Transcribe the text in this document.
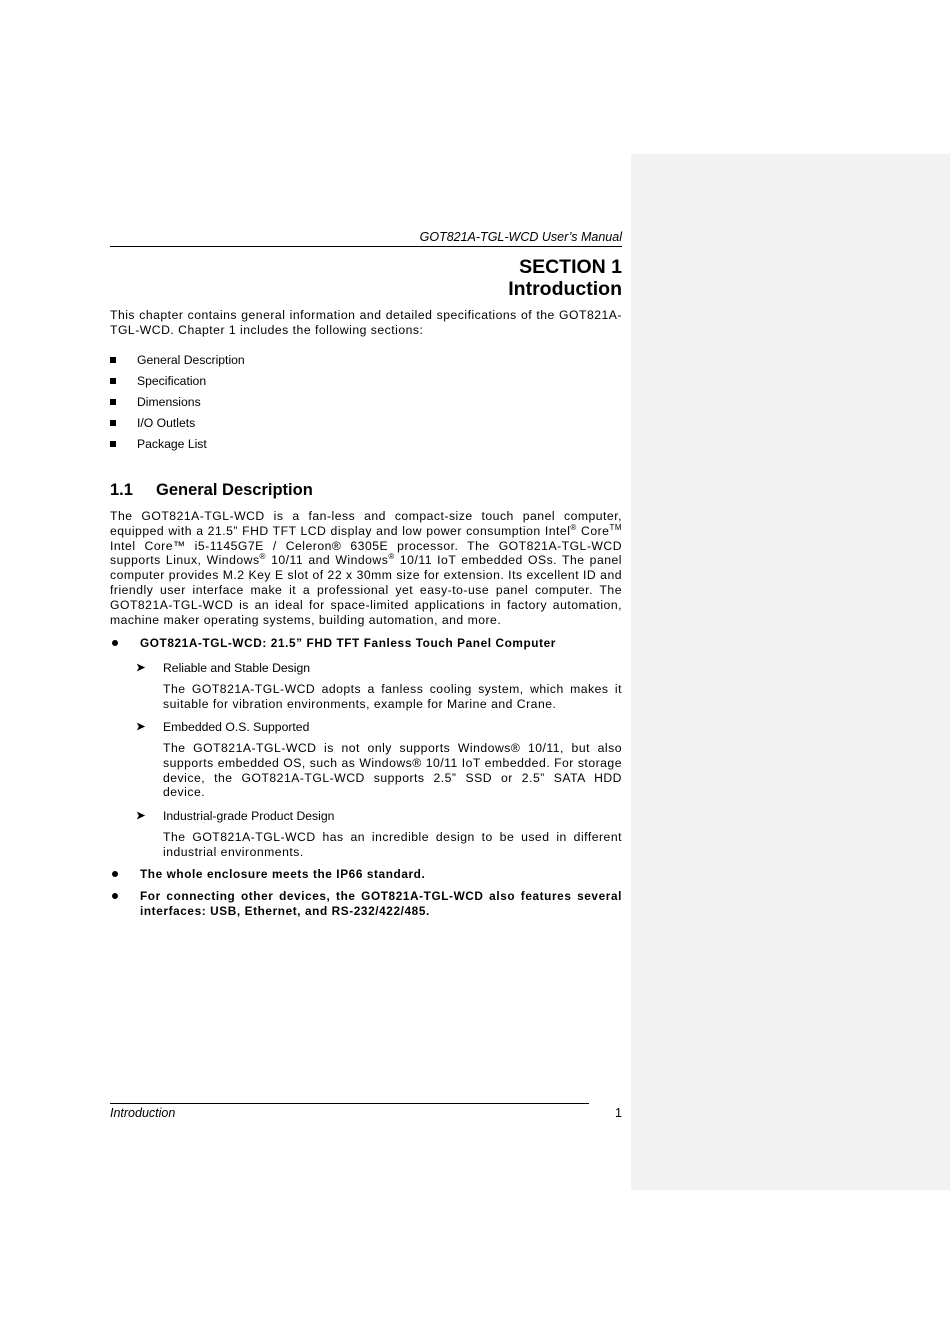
GOT821A-TGL-WCD User’s Manual
SECTION 1
Introduction
This chapter contains general information and detailed specifications of the GOT821A-TGL-WCD. Chapter 1 includes the following sections:
General Description
Specification
Dimensions
I/O Outlets
Package List
1.1 General Description
The GOT821A-TGL-WCD is a fan-less and compact-size touch panel computer, equipped with a 21.5” FHD TFT LCD display and low power consumption Intel® Core™ Intel Core™ i5-1145G7E / Celeron® 6305E processor. The GOT821A-TGL-WCD supports Linux, Windows® 10/11 and Windows® 10/11 IoT embedded OSs. The panel computer provides M.2 Key E slot of 22 x 30mm size for extension. Its excellent ID and friendly user interface make it a professional yet easy-to-use panel computer. The GOT821A-TGL-WCD is an ideal for space-limited applications in factory automation, machine maker operating systems, building automation, and more.
GOT821A-TGL-WCD: 21.5” FHD TFT Fanless Touch Panel Computer
➤ Reliable and Stable Design
The GOT821A-TGL-WCD adopts a fanless cooling system, which makes it suitable for vibration environments, example for Marine and Crane.
➤ Embedded O.S. Supported
The GOT821A-TGL-WCD is not only supports Windows® 10/11, but also supports embedded OS, such as Windows® 10/11 IoT embedded. For storage device, the GOT821A-TGL-WCD supports 2.5” SSD or 2.5” SATA HDD device.
➤ Industrial-grade Product Design
The GOT821A-TGL-WCD has an incredible design to be used in different industrial environments.
The whole enclosure meets the IP66 standard.
For connecting other devices, the GOT821A-TGL-WCD also features several interfaces: USB, Ethernet, and RS-232/422/485.
Introduction	1
